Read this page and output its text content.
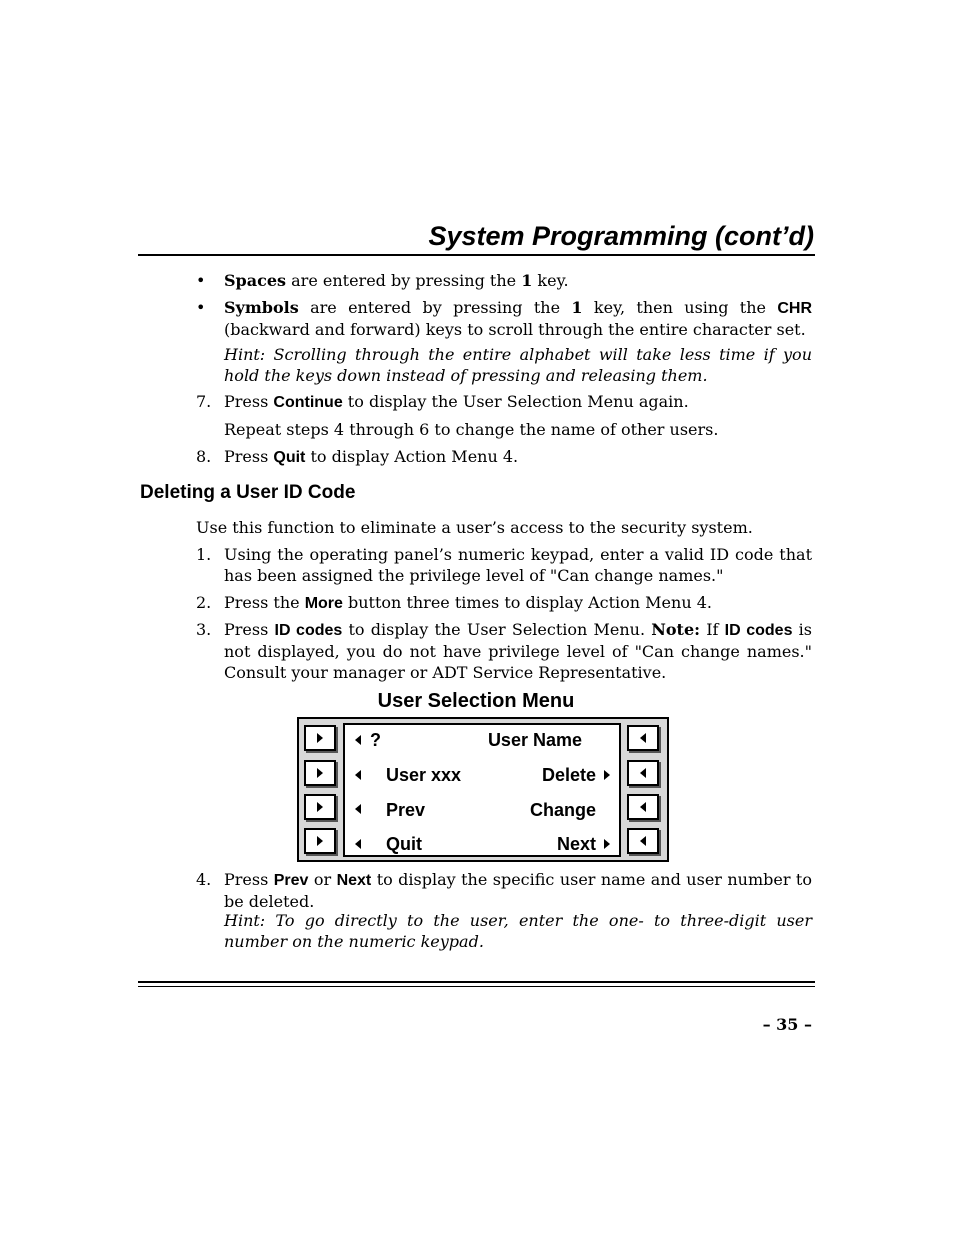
System Programming (cont’d)
• Spaces are entered by pressing the 1 key.
• Symbols are entered by pressing the 1 key, then using the CHR (backward and forward) keys to scroll through the entire character set.
Hint: Scrolling through the entire alphabet will take less time if you hold the keys down instead of pressing and releasing them.
7. Press Continue to display the User Selection Menu again.
Repeat steps 4 through 6 to change the name of other users.
8. Press Quit to display Action Menu 4.
Deleting a User ID Code
Use this function to eliminate a user’s access to the security system.
1. Using the operating panel’s numeric keypad, enter a valid ID code that has been assigned the privilege level of "Can change names."
2. Press the More button three times to display Action Menu 4.
3. Press ID codes to display the User Selection Menu. Note: If ID codes is not displayed, you do not have privilege level of "Can change names." Consult your manager or ADT Service Representative.
User Selection Menu
?	User Name
User xxx	Delete
Prev	Change
Quit	Next
4. Press Prev or Next to display the specific user name and user number to be deleted.
Hint: To go directly to the user, enter the one- to three-digit user number on the numeric keypad.
– 35 –
